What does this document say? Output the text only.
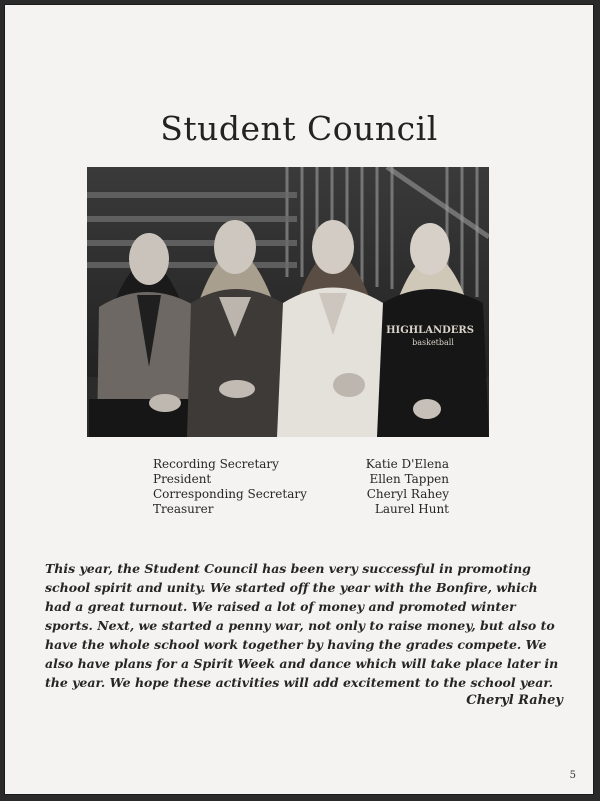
Student Council
HIGHLANDERS
basketball
Recording Secretary	Katie D'Elena
President	Ellen Tappen
Corresponding Secretary	Cheryl Rahey
Treasurer	Laurel Hunt

This year, the Student Council has been very successful in promoting school spirit and unity. We started off the year with the Bonfire, which had a great turnout. We raised a lot of money and promoted winter sports. Next, we started a penny war, not only to raise money, but also to have the whole school work together by having the grades compete. We also have plans for a Spirit Week and dance which will take place later in the year. We hope these activities will add excitement to the school year.

Cheryl Rahey
5
